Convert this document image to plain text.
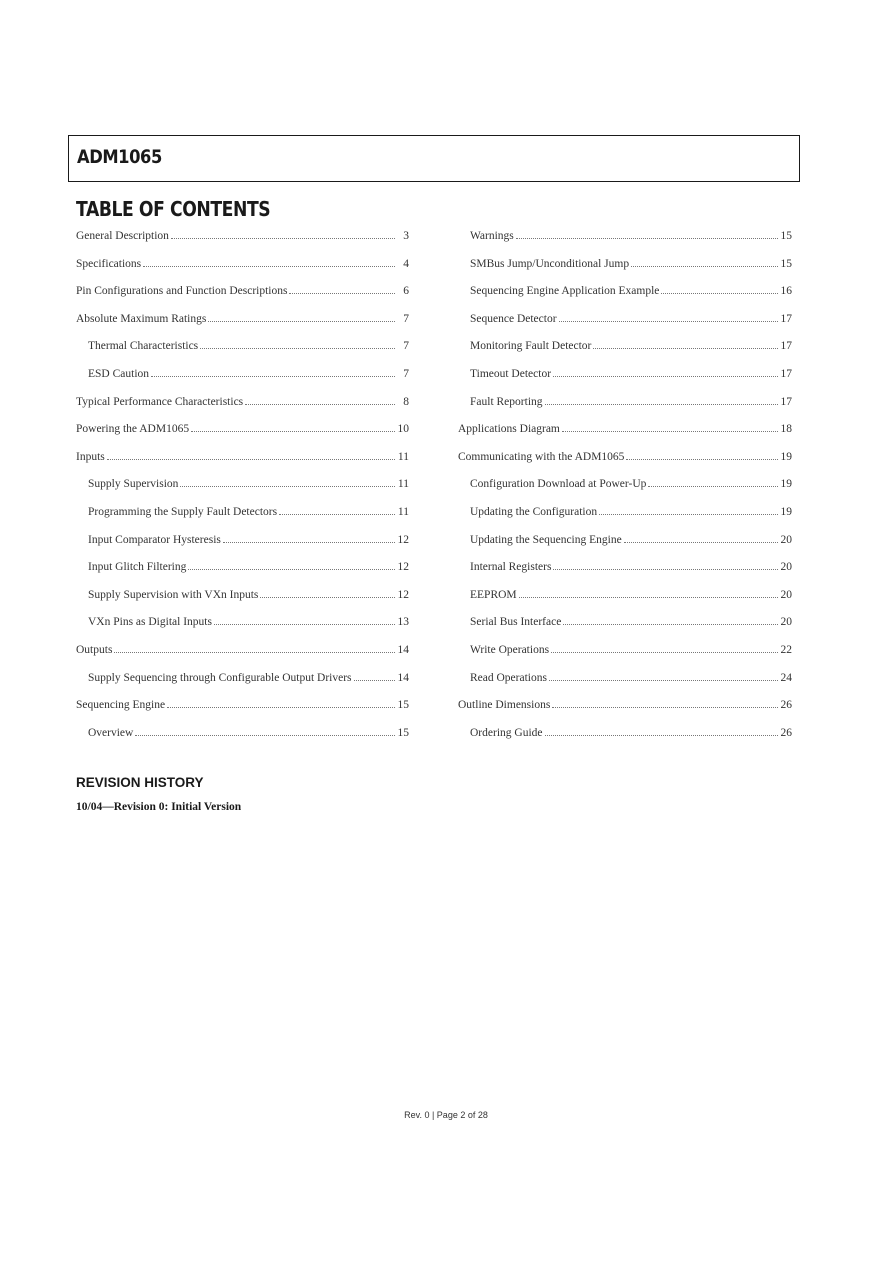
ADM1065
TABLE OF CONTENTS
General Description	3
Specifications	4
Pin Configurations and Function Descriptions	6
Absolute Maximum Ratings	7
Thermal Characteristics	7
ESD Caution	7
Typical Performance Characteristics	8
Powering the ADM1065	10
Inputs	11
Supply Supervision	11
Programming the Supply Fault Detectors	11
Input Comparator Hysteresis	12
Input Glitch Filtering	12
Supply Supervision with VXn Inputs	12
VXn Pins as Digital Inputs	13
Outputs	14
Supply Sequencing through Configurable Output Drivers	14
Sequencing Engine	15
Overview	15
Warnings	15
SMBus Jump/Unconditional Jump	15
Sequencing Engine Application Example	16
Sequence Detector	17
Monitoring Fault Detector	17
Timeout Detector	17
Fault Reporting	17
Applications Diagram	18
Communicating with the ADM1065	19
Configuration Download at Power-Up	19
Updating the Configuration	19
Updating the Sequencing Engine	20
Internal Registers	20
EEPROM	20
Serial Bus Interface	20
Write Operations	22
Read Operations	24
Outline Dimensions	26
Ordering Guide	26
REVISION HISTORY
10/04—Revision 0: Initial Version
Rev. 0 | Page 2 of 28
